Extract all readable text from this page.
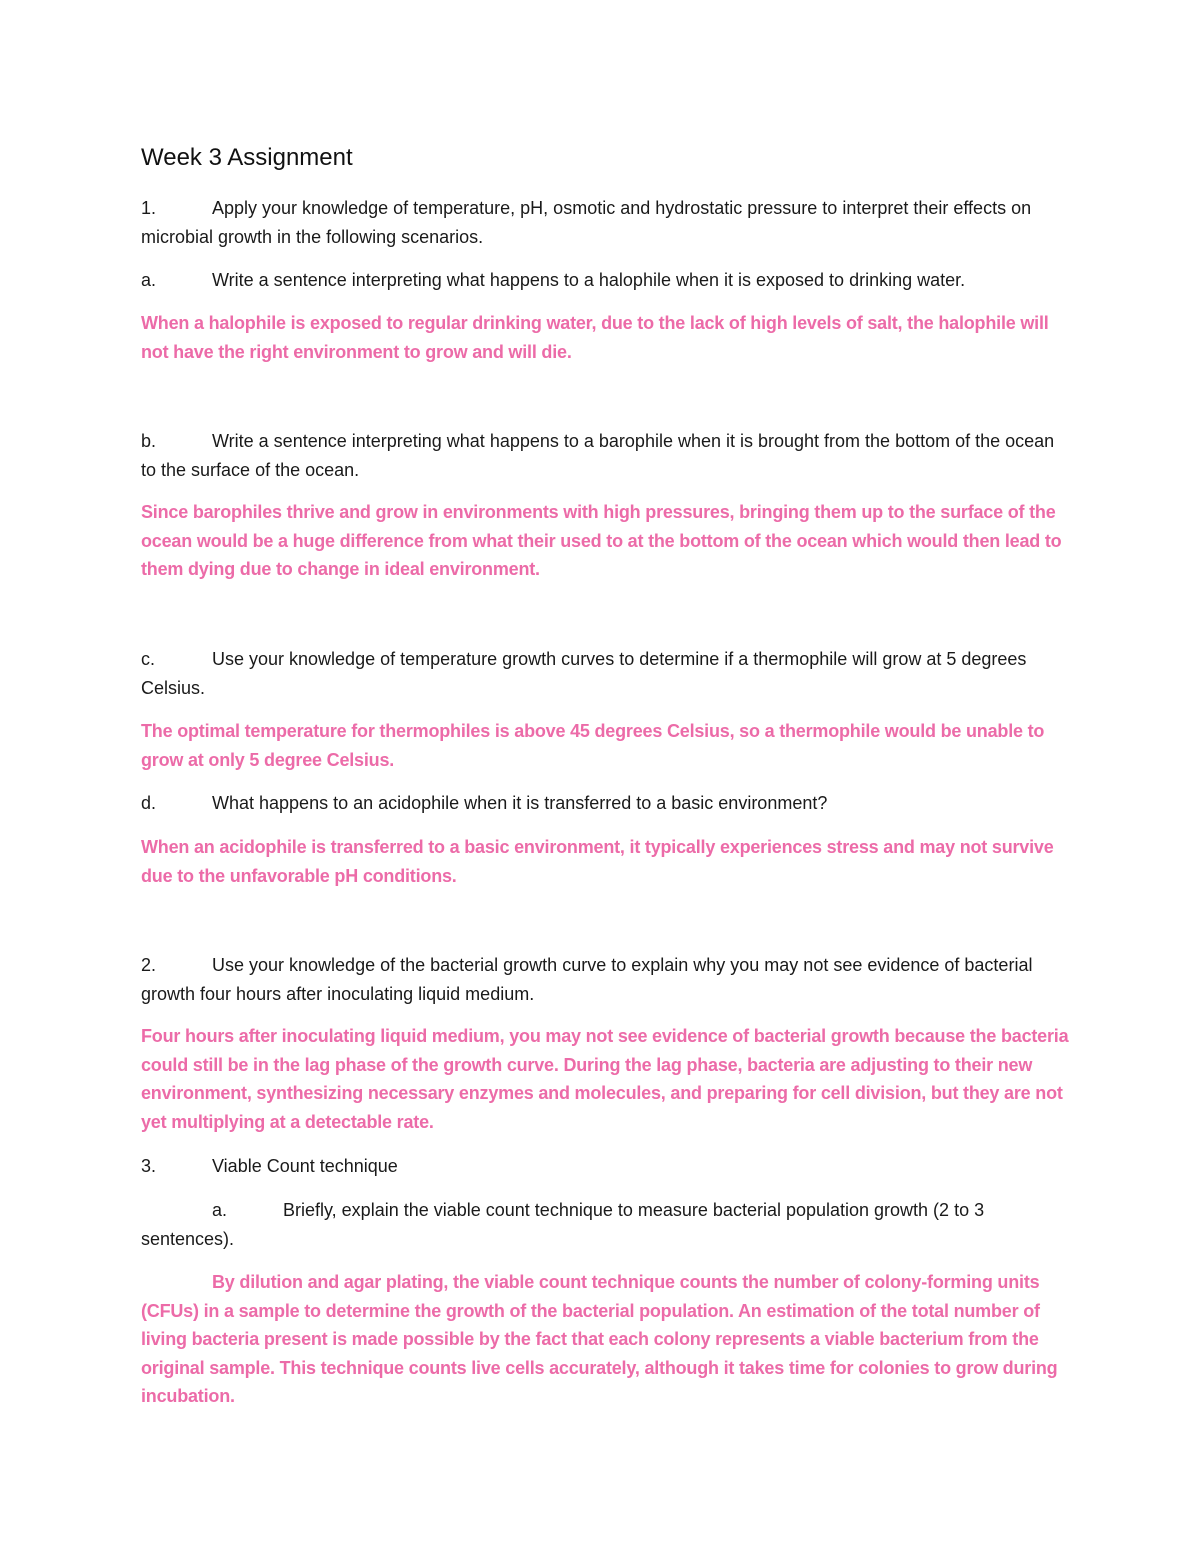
Week 3 Assignment

1.	Apply your knowledge of temperature, pH, osmotic and hydrostatic pressure to interpret their effects on microbial growth in the following scenarios.

a.	Write a sentence interpreting what happens to a halophile when it is exposed to drinking water.

When a halophile is exposed to regular drinking water, due to the lack of high levels of salt, the halophile will not have the right environment to grow and will die.

b.	Write a sentence interpreting what happens to a barophile when it is brought from the bottom of the ocean to the surface of the ocean.

Since barophiles thrive and grow in environments with high pressures, bringing them up to the surface of the ocean would be a huge difference from what their used to at the bottom of the ocean which would then lead to them dying due to change in ideal environment.

c.	Use your knowledge of temperature growth curves to determine if a thermophile will grow at 5 degrees Celsius.

The optimal temperature for thermophiles is above 45 degrees Celsius, so a thermophile would be unable to grow at only 5 degree Celsius.

d.	What happens to an acidophile when it is transferred to a basic environment?

When an acidophile is transferred to a basic environment, it typically experiences stress and may not survive due to the unfavorable pH conditions.

2.	Use your knowledge of the bacterial growth curve to explain why you may not see evidence of bacterial growth four hours after inoculating liquid medium.

Four hours after inoculating liquid medium, you may not see evidence of bacterial growth because the bacteria could still be in the lag phase of the growth curve. During the lag phase, bacteria are adjusting to their new environment, synthesizing necessary enzymes and molecules, and preparing for cell division, but they are not yet multiplying at a detectable rate.

3.	Viable Count technique

a.	Briefly, explain the viable count technique to measure bacterial population growth (2 to 3 sentences).

By dilution and agar plating, the viable count technique counts the number of colony-forming units (CFUs) in a sample to determine the growth of the bacterial population. An estimation of the total number of living bacteria present is made possible by the fact that each colony represents a viable bacterium from the original sample. This technique counts live cells accurately, although it takes time for colonies to grow during incubation.
